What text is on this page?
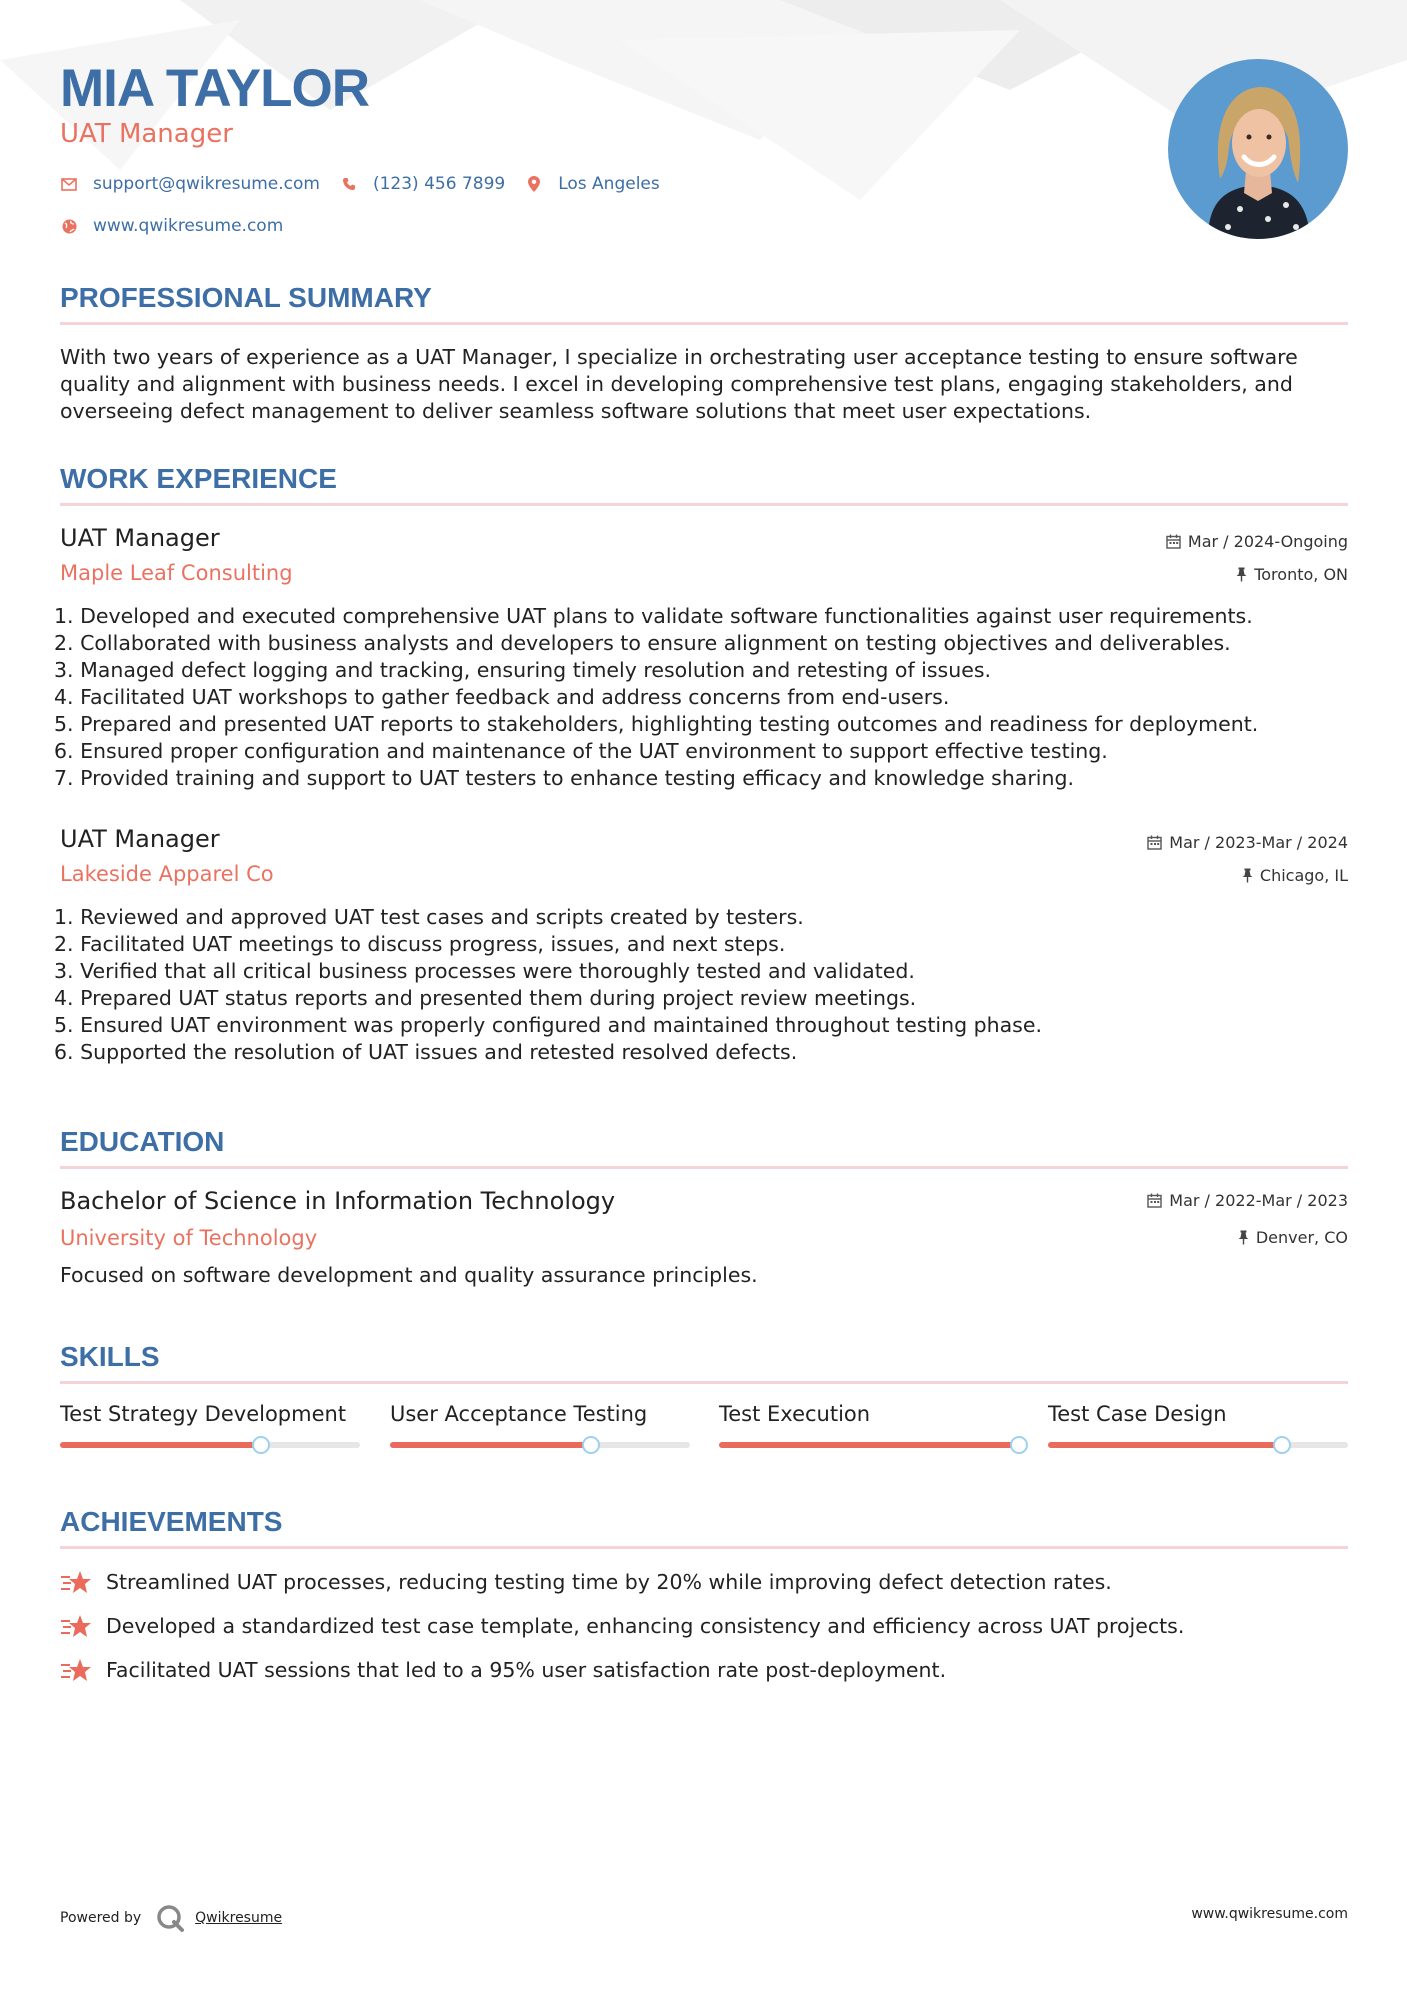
MIA TAYLOR
UAT Manager
support@qwikresume.com	(123) 456 7899	Los Angeles
www.qwikresume.com
PROFESSIONAL SUMMARY
With two years of experience as a UAT Manager, I specialize in orchestrating user acceptance testing to ensure software quality and alignment with business needs. I excel in developing comprehensive test plans, engaging stakeholders, and overseeing defect management to deliver seamless software solutions that meet user expectations.
WORK EXPERIENCE
UAT Manager
Maple Leaf Consulting
Mar / 2024-Ongoing
Toronto, ON
1. Developed and executed comprehensive UAT plans to validate software functionalities against user requirements.
2. Collaborated with business analysts and developers to ensure alignment on testing objectives and deliverables.
3. Managed defect logging and tracking, ensuring timely resolution and retesting of issues.
4. Facilitated UAT workshops to gather feedback and address concerns from end-users.
5. Prepared and presented UAT reports to stakeholders, highlighting testing outcomes and readiness for deployment.
6. Ensured proper configuration and maintenance of the UAT environment to support effective testing.
7. Provided training and support to UAT testers to enhance testing efficacy and knowledge sharing.
UAT Manager
Lakeside Apparel Co
Mar / 2023-Mar / 2024
Chicago, IL
1. Reviewed and approved UAT test cases and scripts created by testers.
2. Facilitated UAT meetings to discuss progress, issues, and next steps.
3. Verified that all critical business processes were thoroughly tested and validated.
4. Prepared UAT status reports and presented them during project review meetings.
5. Ensured UAT environment was properly configured and maintained throughout testing phase.
6. Supported the resolution of UAT issues and retested resolved defects.
EDUCATION
Bachelor of Science in Information Technology
University of Technology
Mar / 2022-Mar / 2023
Denver, CO
Focused on software development and quality assurance principles.
SKILLS
Test Strategy Development	User Acceptance Testing	Test Execution	Test Case Design
ACHIEVEMENTS
Streamlined UAT processes, reducing testing time by 20% while improving defect detection rates.
Developed a standardized test case template, enhancing consistency and efficiency across UAT projects.
Facilitated UAT sessions that led to a 95% user satisfaction rate post-deployment.
Powered by	Qwikresume	www.qwikresume.com
